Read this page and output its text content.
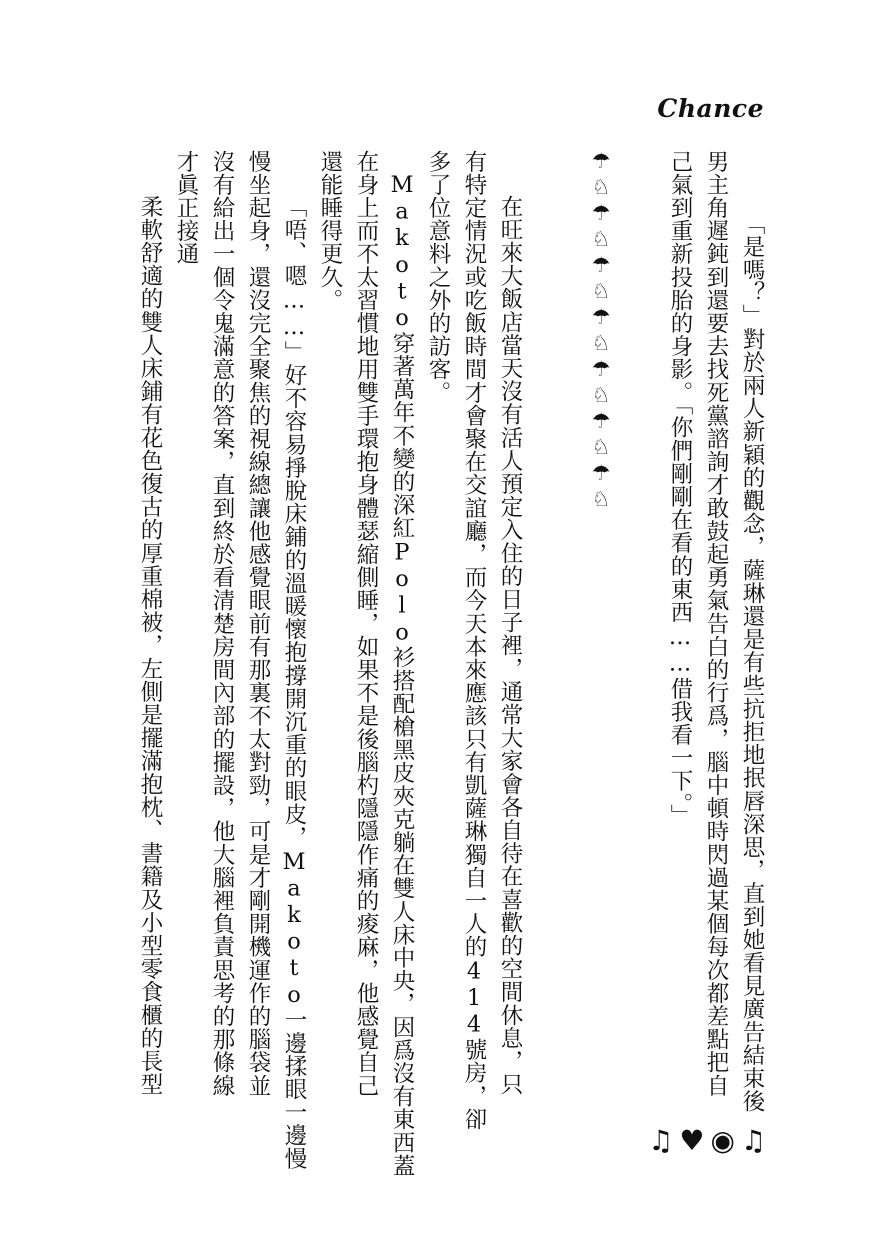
Chance
「是嗎？」對於兩人新穎的觀念，薩琳還是有些抗拒地抿唇深思，直到她看見廣告結束後
男主角遲鈍到還要去找死黨諮詢才敢鼓起勇氣告白的行爲，腦中頓時閃過某個每次都差點把自
己氣到重新投胎的身影。「你們剛剛在看的東西……借我看一下。」
☂
♘
☂
♘
☂
♘
☂
♘
☂
♘
☂
♘
☂
♘
在旺來大飯店當天沒有活人預定入住的日子裡，通常大家會各自待在喜歡的空間休息，只
有特定情況或吃飯時間才會聚在交誼廳，而今天本來應該只有凱薩琳獨自一人的414號房，卻
多了位意料之外的訪客。
Makoto穿著萬年不變的深紅Polo衫搭配槍黑皮夾克躺在雙人床中央，因爲沒有東西蓋
在身上而不太習慣地用雙手環抱身體瑟縮側睡，如果不是後腦杓隱隱作痛的痠麻，他感覺自己
還能睡得更久。
「唔、嗯……」好不容易掙脫床鋪的溫暖懷抱撐開沉重的眼皮，Makoto一邊揉眼一邊慢
慢坐起身，還沒完全聚焦的視線總讓他感覺眼前有那裏不太對勁，可是才剛開機運作的腦袋並
沒有給出一個令鬼滿意的答案，直到終於看清楚房間內部的擺設，他大腦裡負責思考的那條線
才眞正接通
柔軟舒適的雙人床鋪有花色復古的厚重棉被，左側是擺滿抱枕、書籍及小型零食櫃的長型
♫ ♥ ◉ ♫
